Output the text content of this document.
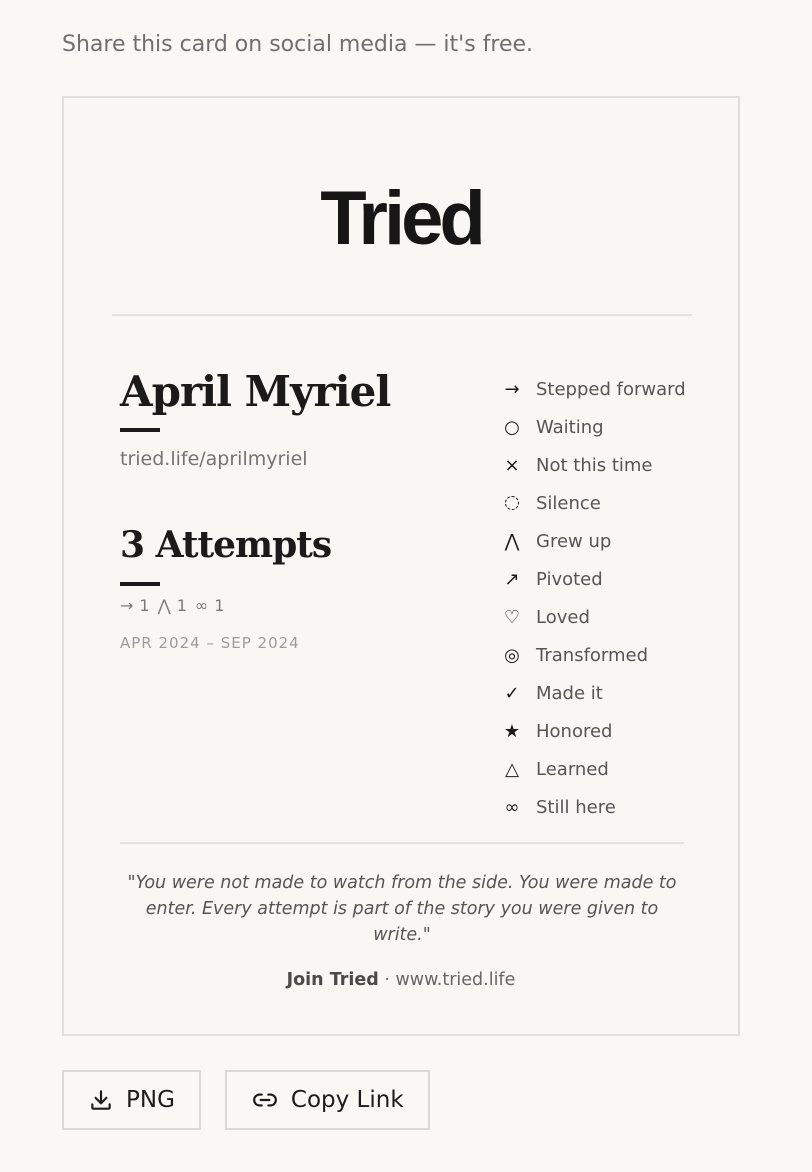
Share this card on social media — it's free.

Tried
April Myriel
tried.life/aprilmyriel
3 Attempts
→ 1 ⋀ 1 ∞ 1
APR 2024 – SEP 2024
→ Stepped forward
○ Waiting
× Not this time
Silence
⋀ Grew up
↗ Pivoted
♡ Loved
◎ Transformed
✓ Made it
★ Honored
△ Learned
∞ Still here

"You were not made to watch from the side. You were made to enter. Every attempt is part of the story you were given to write."

Join Tried · www.tried.life
PNG	Copy Link
